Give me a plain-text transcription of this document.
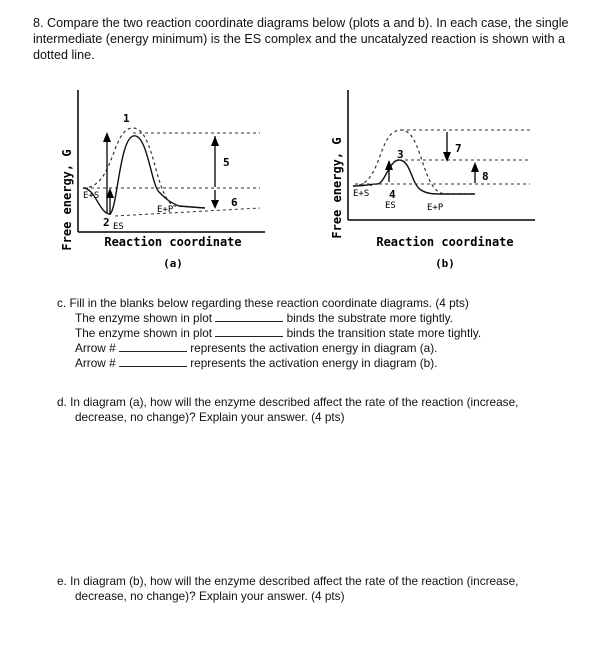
8. Compare the two reaction coordinate diagrams below (plots a and b). In each case, the single
intermediate (energy minimum) is the ES complex and the uncatalyzed reaction is shown with a
dotted line.
Free energy, G
1
2
5
6
E+S
E+P
ES
Reaction coordinate
(a)
Free energy, G	3
4
7
8
E+S
ES	E+P
Reaction coordinate
(b)
c. Fill in the blanks below regarding these reaction coordinate diagrams. (4 pts)
The enzyme shown in plot	binds the substrate more tightly.
The enzyme shown in plot	binds the transition state more tightly.
Arrow #	represents the activation energy in diagram (a).
Arrow #	represents the activation energy in diagram (b).
d. In diagram (a), how will the enzyme described affect the rate of the reaction (increase,
decrease, no change)? Explain your answer. (4 pts)
e. In diagram (b), how will the enzyme described affect the rate of the reaction (increase,
decrease, no change)? Explain your answer. (4 pts)
